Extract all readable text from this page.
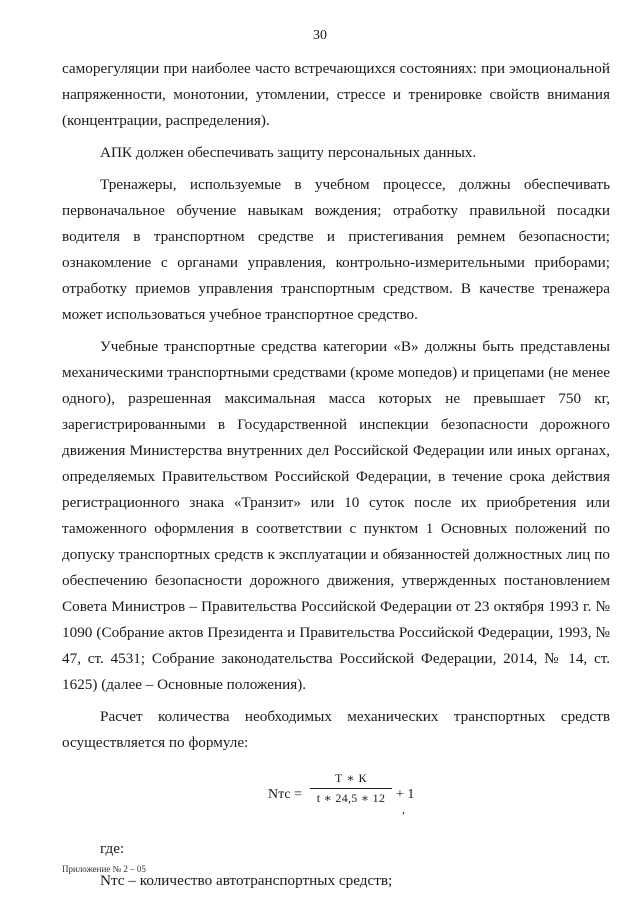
30

саморегуляции при наиболее часто встречающихся состояниях: при эмоциональной напряженности, монотонии, утомлении, стрессе и тренировке свойств внимания (концентрации, распределения).

АПК должен обеспечивать защиту персональных данных.

Тренажеры, используемые в учебном процессе, должны обеспечивать первоначальное обучение навыкам вождения; отработку правильной посадки водителя в транспортном средстве и пристегивания ремнем безопасности; ознакомление с органами управления, контрольно-измерительными приборами; отработку приемов управления транспортным средством. В качестве тренажера может использоваться учебное транспортное средство.

Учебные транспортные средства категории «В» должны быть представлены механическими транспортными средствами (кроме мопедов) и прицепами (не менее одного), разрешенная максимальная масса которых не превышает 750 кг, зарегистрированными в Государственной инспекции безопасности дорожного движения Министерства внутренних дел Российской Федерации или иных органах, определяемых Правительством Российской Федерации, в течение срока действия регистрационного знака «Транзит» или 10 суток после их приобретения или таможенного оформления в соответствии с пунктом 1 Основных положений по допуску транспортных средств к эксплуатации и обязанностей должностных лиц по обеспечению безопасности дорожного движения, утвержденных постановлением Совета Министров – Правительства Российской Федерации от 23 октября 1993 г. № 1090 (Собрание актов Президента и Правительства Российской Федерации, 1993, № 47, ст. 4531; Собрание законодательства Российской Федерации, 2014, № 14, ст. 1625) (далее – Основные положения).

Расчет количества необходимых механических транспортных средств осуществляется по формуле:

Nтс =
Т ∗ К
t ∗ 24,5 ∗ 12 + 1
,

где:

Nтс – количество автотранспортных средств;

Приложение № 2 – 05
